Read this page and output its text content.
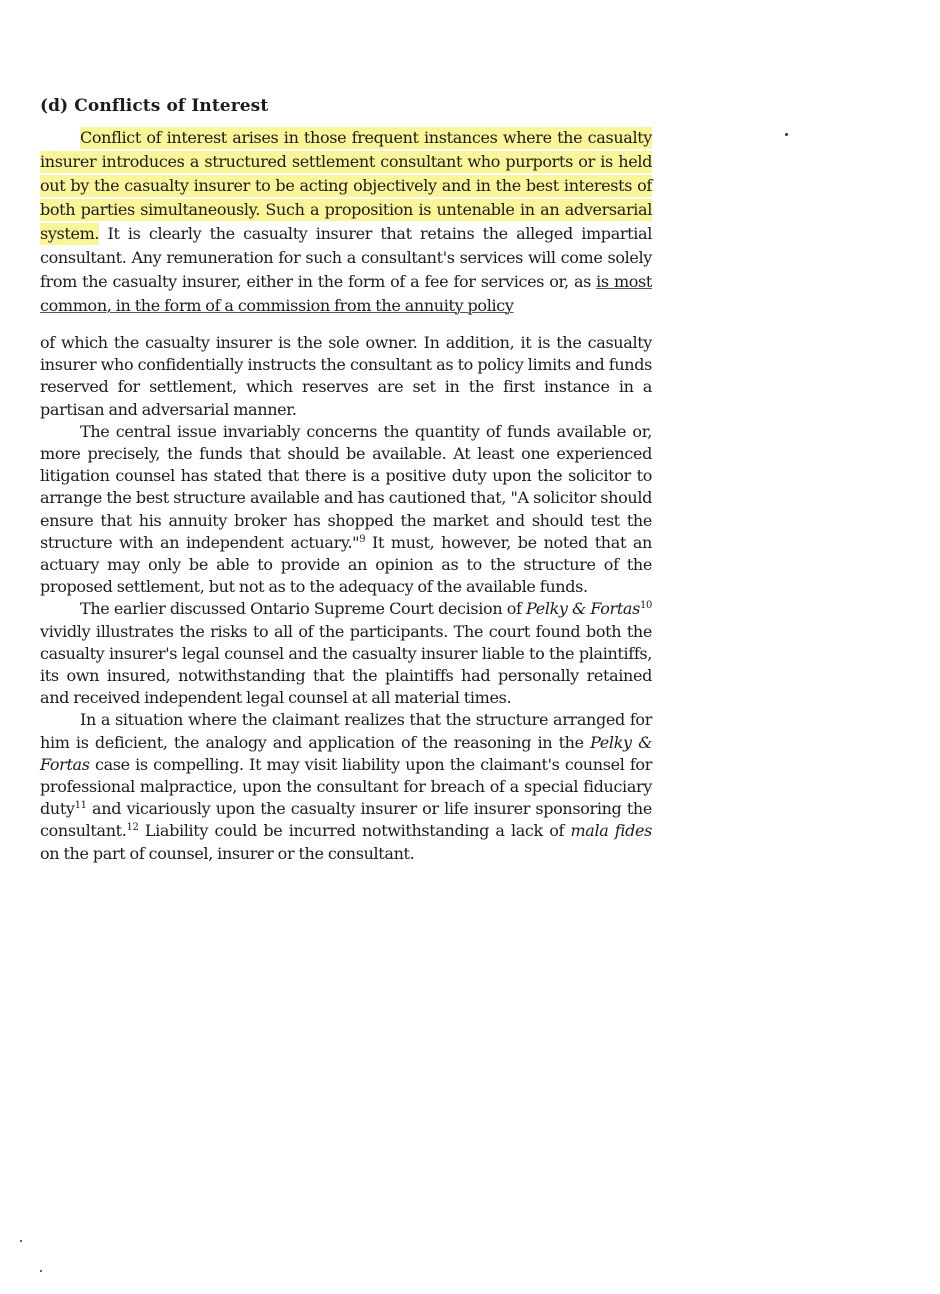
(d) Conflicts of Interest

Conflict of interest arises in those frequent instances where the casualty insurer introduces a structured settlement consultant who purports or is held out by the casualty insurer to be acting objectively and in the best interests of both parties simultaneously. Such a proposition is untenable in an adversarial system. It is clearly the casualty insurer that retains the alleged impartial consultant. Any remuneration for such a consultant's services will come solely from the casualty insurer, either in the form of a fee for services or, as is most common, in the form of a commission from the annuity policy

of which the casualty insurer is the sole owner. In addition, it is the casualty insurer who confidentially instructs the consultant as to policy limits and funds reserved for settlement, which reserves are set in the first instance in a partisan and adversarial manner.

The central issue invariably concerns the quantity of funds available or, more precisely, the funds that should be available. At least one experienced litigation counsel has stated that there is a positive duty upon the solicitor to arrange the best structure available and has cautioned that, "A solicitor should ensure that his annuity broker has shopped the market and should test the structure with an independent actuary."$^9$ It must, however, be noted that an actuary may only be able to provide an opinion as to the structure of the proposed settlement, but not as to the adequacy of the available funds.

The earlier discussed Ontario Supreme Court decision of Pelky & Fortas$^{10}$ vividly illustrates the risks to all of the participants. The court found both the casualty insurer's legal counsel and the casualty insurer liable to the plaintiffs, its own insured, notwithstanding that the plaintiffs had personally retained and received independent legal counsel at all material times.

In a situation where the claimant realizes that the structure arranged for him is deficient, the analogy and application of the reasoning in the Pelky & Fortas case is compelling. It may visit liability upon the claimant's counsel for professional malpractice, upon the consultant for breach of a special fiduciary duty$^{11}$ and vicariously upon the casualty insurer or life insurer sponsoring the consultant.$^{12}$ Liability could be incurred notwithstanding a lack of mala fides on the part of counsel, insurer or the consultant.
